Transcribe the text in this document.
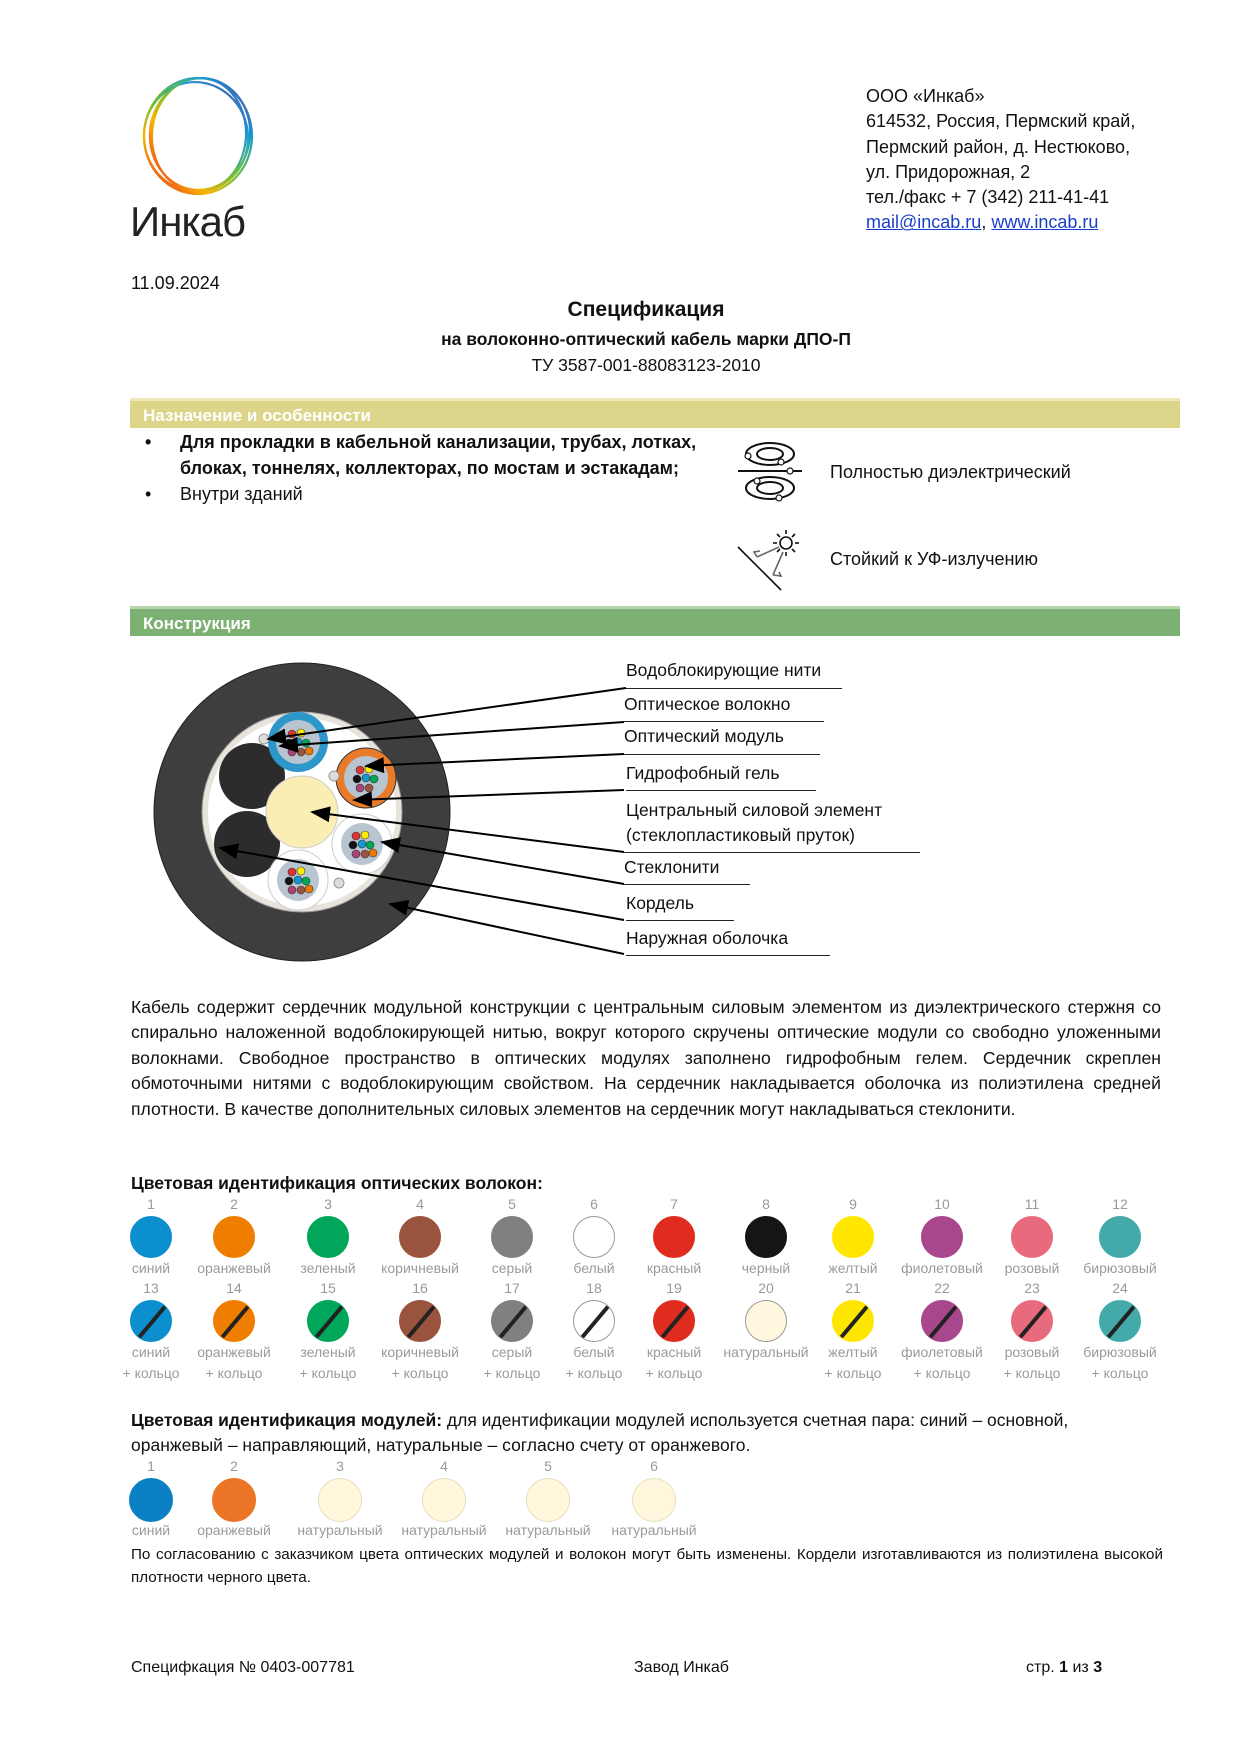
Инкаб
ООО «Инкаб»
614532, Россия, Пермский край,
Пермский район, д. Нестюково,
ул. Придорожная, 2
тел./факс + 7 (342) 211-41-41
mail@incab.ru, www.incab.ru
11.09.2024
Спецификация
на волоконно-оптический кабель марки ДПО-П
ТУ 3587-001-88083123-2010
Назначение и особенности
• Для прокладки в кабельной канализации, трубах, лотках,
блоках, тоннелях, коллекторах, по мостам и эстакадам;
• Внутри зданий
Полностью диэлектрический
Стойкий к УФ-излучению
Конструкция
Водоблокирующие нити
Оптическое волокно
Оптический модуль
Гидрофобный гель
Центральный силовой элемент
(стеклопластиковый пруток)
Стеклонити
Кордель
Наружная оболочка
Кабель содержит сердечник модульной конструкции с центральным силовым элементом из диэлектрического стержня со спирально наложенной водоблокирующей нитью, вокруг которого скручены оптические модули со свободно уложенными волокнами. Свободное пространство в оптических модулях заполнено гидрофобным гелем. Сердечник скреплен обмоточными нитями с водоблокирующим свойством. На сердечник накладывается оболочка из полиэтилена средней плотности. В качестве дополнительных силовых элементов на сердечник могут накладываться стеклонити.
Цветовая идентификация оптических волокон:
1
синий
2
оранжевый
3
зеленый
4
коричневый
5
серый
6
белый
7
красный
8
черный
9
желтый
10
фиолетовый
11
розовый
12
бирюзовый
13
синий
+ кольцо
14
оранжевый
+ кольцо
15
зеленый
+ кольцо
16
коричневый
+ кольцо
17
серый
+ кольцо
18
белый
+ кольцо
19
красный
+ кольцо
20
натуральный
21
желтый
+ кольцо
22
фиолетовый
+ кольцо
23
розовый
+ кольцо
24
бирюзовый
+ кольцо
Цветовая идентификация модулей: для идентификации модулей используется счетная пара: синий – основной,
оранжевый – направляющий, натуральные – согласно счету от оранжевого.
1
синий
2
оранжевый
3
натуральный
4
натуральный
5
натуральный
6
натуральный
По согласованию с заказчиком цвета оптических модулей и волокон могут быть изменены. Кордели изготавливаются из полиэтилена высокой плотности черного цвета.
Специфкация № 0403-007781	Завод Инкаб	стр. 1 из 3
